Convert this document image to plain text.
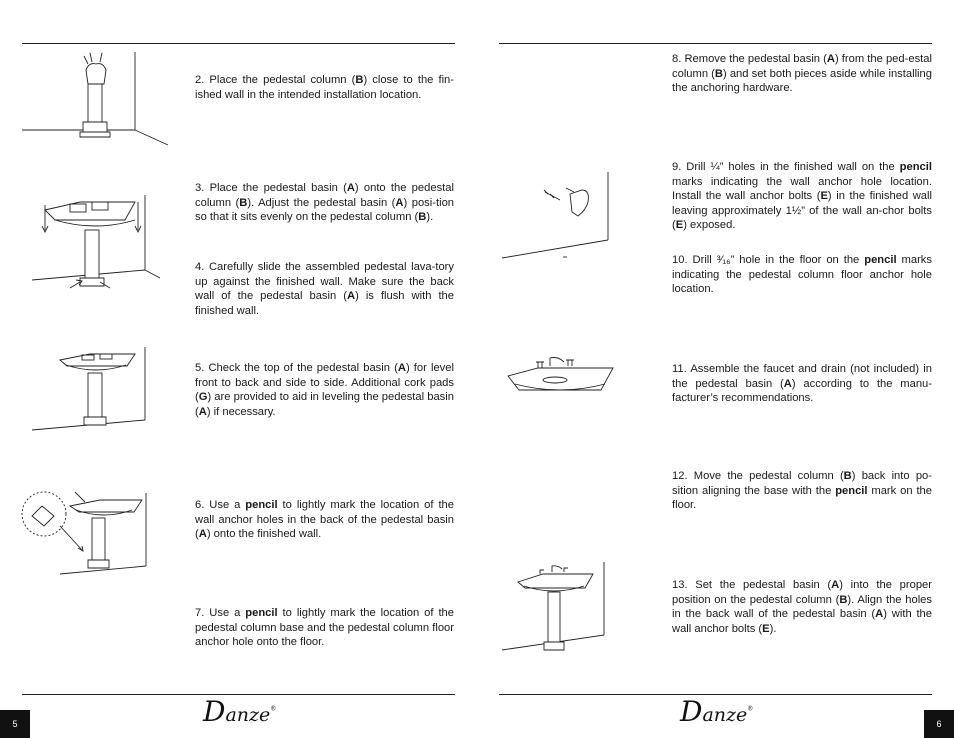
2. Place the pedestal column (B) close to the fin-ished wall in the intended installation location.
3. Place the pedestal basin (A) onto the pedestal column (B). Adjust the pedestal basin (A) posi-tion so that it sits evenly on the pedestal column (B).
4. Carefully slide the assembled pedestal lava-tory up against the finished wall. Make sure the back wall of the pedestal basin (A) is flush with the finished wall.
5. Check the top of the pedestal basin (A) for level front to back and side to side. Additional cork pads (G) are provided to aid in leveling the pedestal basin (A) if necessary.
6. Use a pencil to lightly mark the location of the wall anchor holes in the back of the pedestal basin (A) onto the finished wall.
7. Use a pencil to lightly mark the location of the pedestal column base and the pedestal column floor anchor hole onto the floor.
8. Remove the pedestal basin (A) from the ped-estal column (B) and set both pieces aside while installing the anchoring hardware.
9. Drill ¼” holes in the finished wall on the pencil marks indicating the wall anchor hole location. Install the wall anchor bolts (E) in the finished wall leaving approximately 1½” of the wall an-chor bolts (E) exposed.
10. Drill ³⁄₁₆” hole in the floor on the pencil marks indicating the pedestal column floor anchor hole location.
11. Assemble the faucet and drain (not included) in the pedestal basin (A) according to the manu-facturer’s recommendations.
12. Move the pedestal column (B) back into po-sition aligning the base with the pencil mark on the floor.
13. Set the pedestal basin (A) into the proper position on the pedestal column (B). Align the holes in the back wall of the pedestal basin (A) with the wall anchor bolts (E).
5	6
Danze®	Danze®
